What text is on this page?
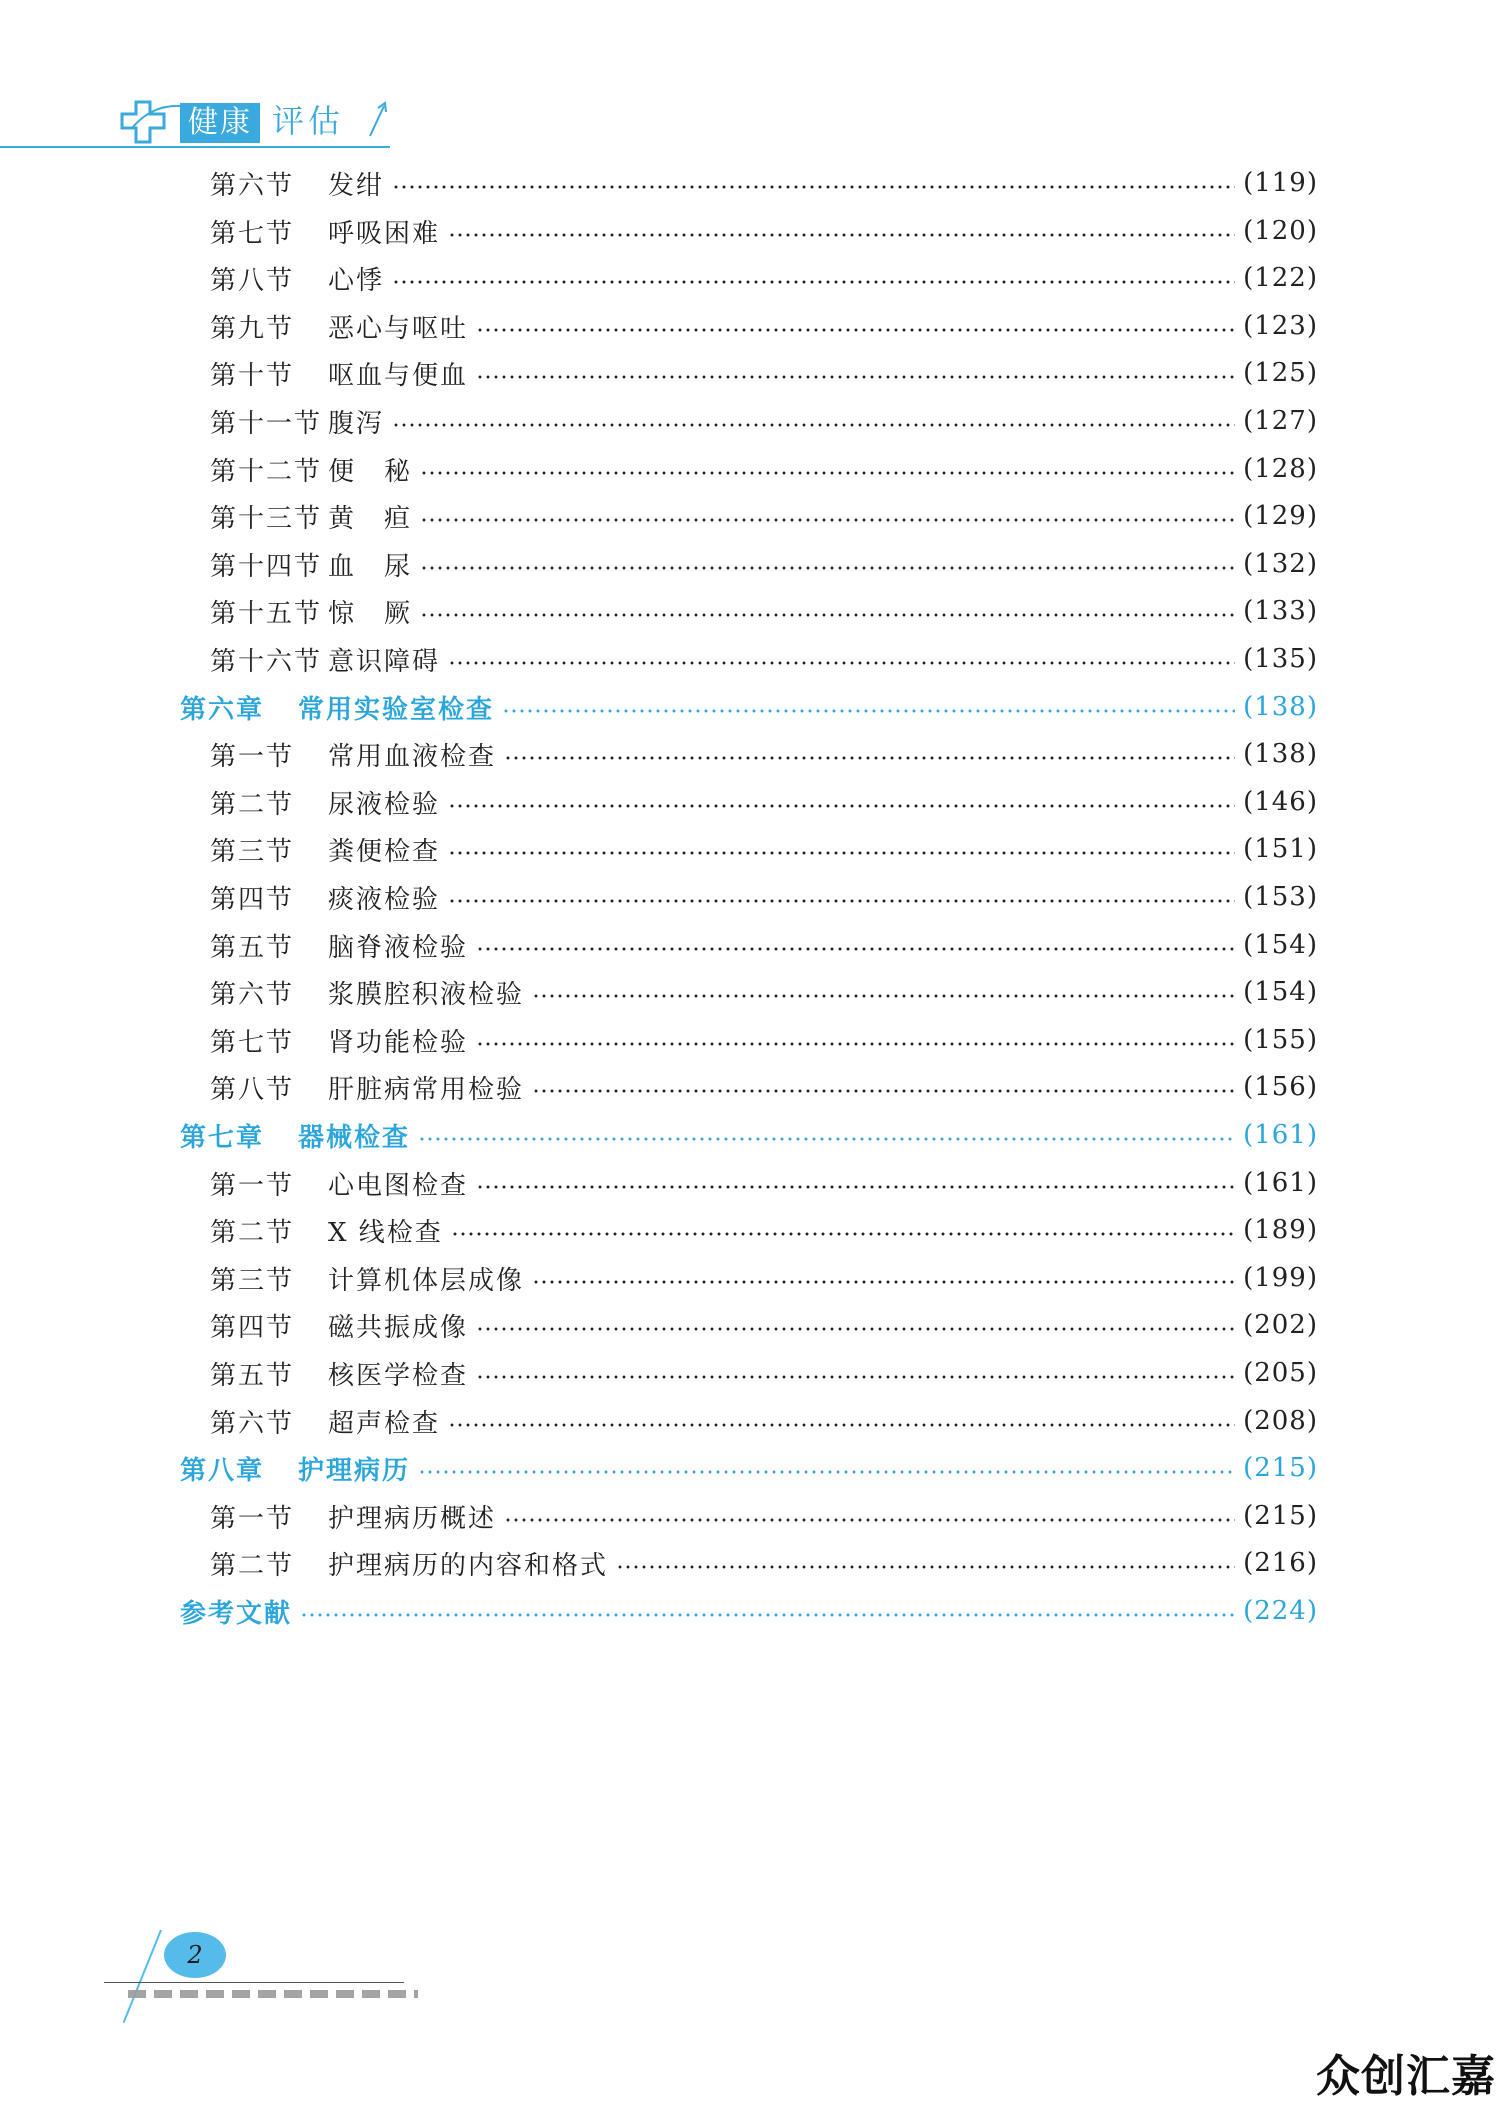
健康 评估
第六节 发绀	(119)
第七节 呼吸困难	(120)
第八节 心悸	(122)
第九节 恶心与呕吐	(123)
第十节 呕血与便血	(125)
第十一节 腹泻	(127)
第十二节 便　秘	(128)
第十三节 黄　疸	(129)
第十四节 血　尿	(132)
第十五节 惊　厥	(133)
第十六节 意识障碍	(135)
第六章 常用实验室检查	(138)
第一节 常用血液检查	(138)
第二节 尿液检验	(146)
第三节 粪便检查	(151)
第四节 痰液检验	(153)
第五节 脑脊液检验	(154)
第六节 浆膜腔积液检验	(154)
第七节 肾功能检验	(155)
第八节 肝脏病常用检验	(156)
第七章 器械检查	(161)
第一节 心电图检查	(161)
第二节 X 线检查	(189)
第三节 计算机体层成像	(199)
第四节 磁共振成像	(202)
第五节 核医学检查	(205)
第六节 超声检查	(208)
第八章 护理病历	(215)
第一节 护理病历概述	(215)
第二节 护理病历的内容和格式	(216)
参考文献	(224)
2
众创汇嘉
